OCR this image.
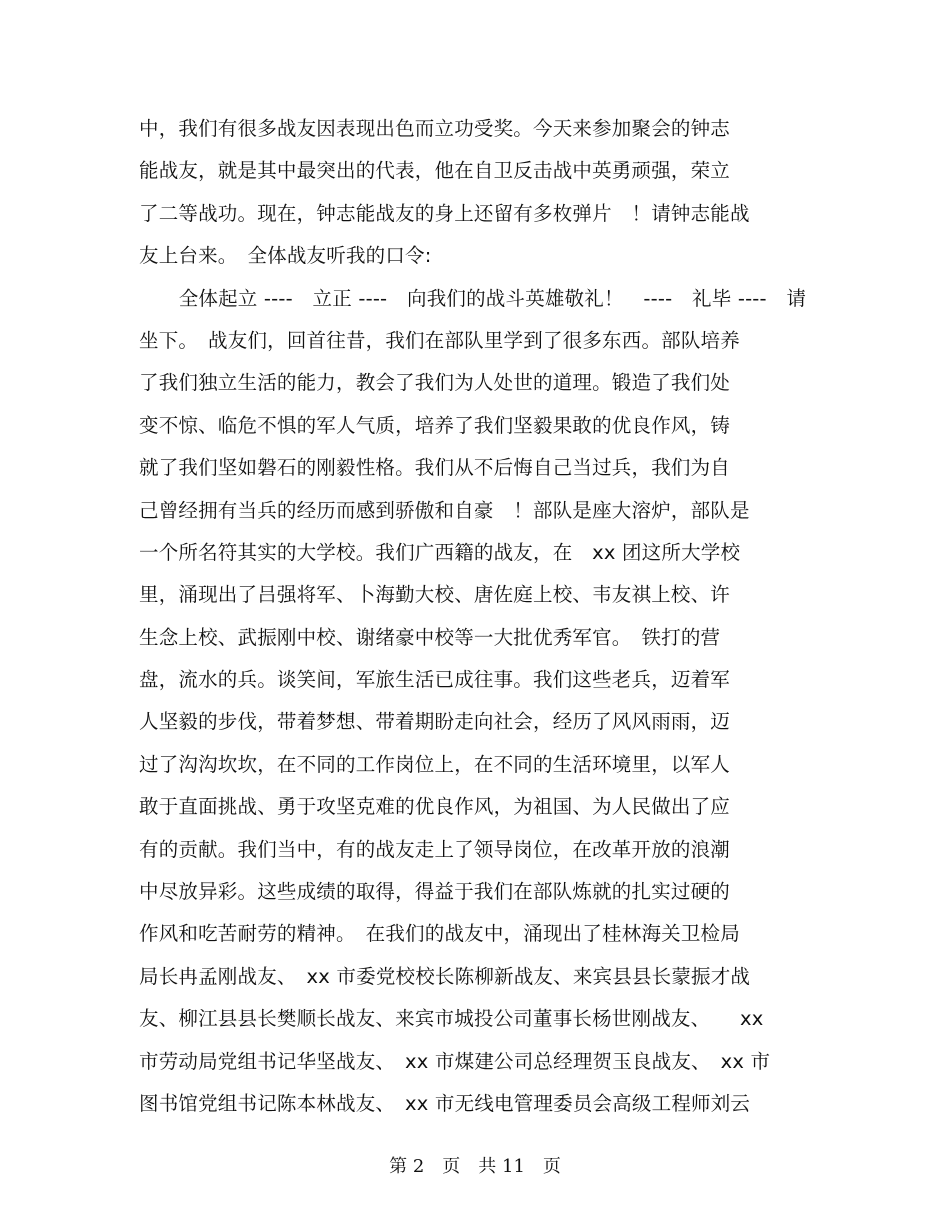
中，我们有很多战友因表现出色而立功受奖。今天来参加聚会的钟志
能战友，就是其中最突出的代表，他在自卫反击战中英勇顽强，荣立
了二等战功。现在，钟志能战友的身上还留有多枚弹片　！请钟志能战
友上台来。　全体战友听我的口令:
　全体起立 ----　立正 ----　向我们的战斗英雄敬礼！　----　礼毕 ----　请
坐下。　战友们，回首往昔，我们在部队里学到了很多东西。部队培养
了我们独立生活的能力，教会了我们为人处世的道理。锻造了我们处
变不惊、临危不惧的军人气质，培养了我们坚毅果敢的优良作风，铸
就了我们坚如磐石的刚毅性格。我们从不后悔自己当过兵，我们为自
己曾经拥有当兵的经历而感到骄傲和自豪　！部队是座大溶炉，部队是
一个所名符其实的大学校。我们广西籍的战友，在　xx 团这所大学校
里，涌现出了吕强将军、卜海勤大校、唐佐庭上校、韦友祺上校、许
生念上校、武振刚中校、谢绪豪中校等一大批优秀军官。　铁打的营
盘，流水的兵。谈笑间，军旅生活已成往事。我们这些老兵，迈着军
人坚毅的步伐，带着梦想、带着期盼走向社会，经历了风风雨雨，迈
过了沟沟坎坎，在不同的工作岗位上，在不同的生活环境里，以军人
敢于直面挑战、勇于攻坚克难的优良作风，为祖国、为人民做出了应
有的贡献。我们当中，有的战友走上了领导岗位，在改革开放的浪潮
中尽放异彩。这些成绩的取得，得益于我们在部队炼就的扎实过硬的
作风和吃苦耐劳的精神。　在我们的战友中，涌现出了桂林海关卫检局
局长冉孟刚战友、　xx 市委党校校长陈柳新战友、来宾县县长蒙振才战
友、柳江县县长樊顺长战友、来宾市城投公司董事长杨世刚战友、　　xx
市劳动局党组书记华坚战友、　xx 市煤建公司总经理贺玉良战友、　xx 市
图书馆党组书记陈本林战友、　xx 市无线电管理委员会高级工程师刘云
第 2　页　共 11　页
